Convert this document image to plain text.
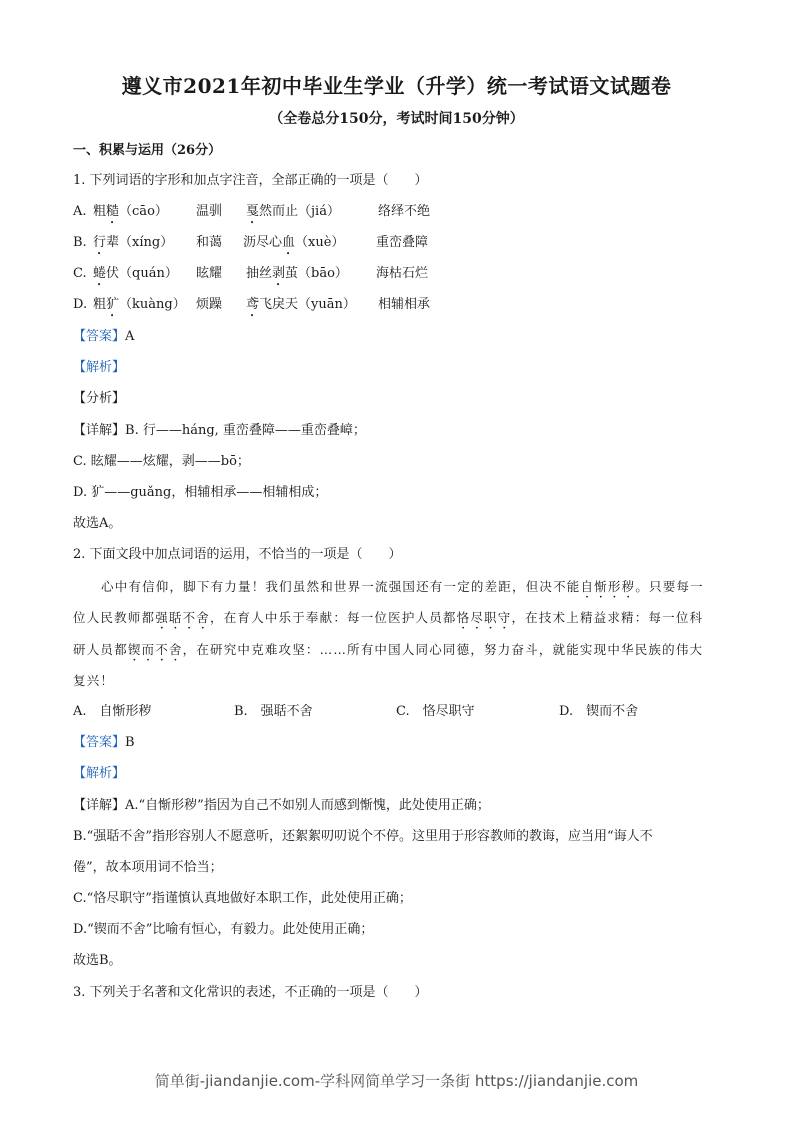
遵义市2021年初中毕业生学业（升学）统一考试语文试题卷
（全卷总分150分，考试时间150分钟）
一、积累与运用（26分）
1. 下列词语的字形和加点字注音，全部正确的一项是（　　）
A. 粗糙（cāo） 温驯 戛然而止（jiá）	络绎不绝
B. 行辈（xíng） 和蔼 沥尽心血（xuè） 重峦叠障
C. 蜷伏（quán） 眩耀 抽丝剥茧（bāo） 海枯石烂
D. 粗犷（kuàng） 烦躁 鸢飞戾天（yuān） 相辅相承
【答案】A
【解析】
【分析】
【详解】B. 行——háng, 重峦叠障——重峦叠嶂；
C. 眩耀——炫耀，剥——bō；
D. 犷——guǎng，相辅相承——相辅相成；
故选A。
2. 下面文段中加点词语的运用，不恰当的一项是（　　）
心中有信仰，脚下有力量！我们虽然和世界一流强国还有一定的差距，但决不能自惭形秽。只要每一
位人民教师都强聒不舍，在育人中乐于奉献：每一位医护人员都恪尽职守，在技术上精益求精：每一位科
研人员都锲而不舍，在研究中克难攻坚：……所有中国人同心同德，努力奋斗，就能实现中华民族的伟大
复兴！
A.　自惭形秽	B.　强聒不舍	C.　恪尽职守	D.　锲而不舍
【答案】B
【解析】
【详解】A.“自惭形秽”指因为自己不如别人而感到惭愧，此处使用正确；
B.“强聒不舍”指形容别人不愿意听，还絮絮叨叨说个不停。这里用于形容教师的教诲，应当用“诲人不
倦”，故本项用词不恰当；
C.“恪尽职守”指谨慎认真地做好本职工作，此处使用正确；
D.“锲而不舍”比喻有恒心，有毅力。此处使用正确；
故选B。
3. 下列关于名著和文化常识的表述，不正确的一项是（　　）
简单街-jiandanjie.com-学科网简单学习一条街 https://jiandanjie.com
